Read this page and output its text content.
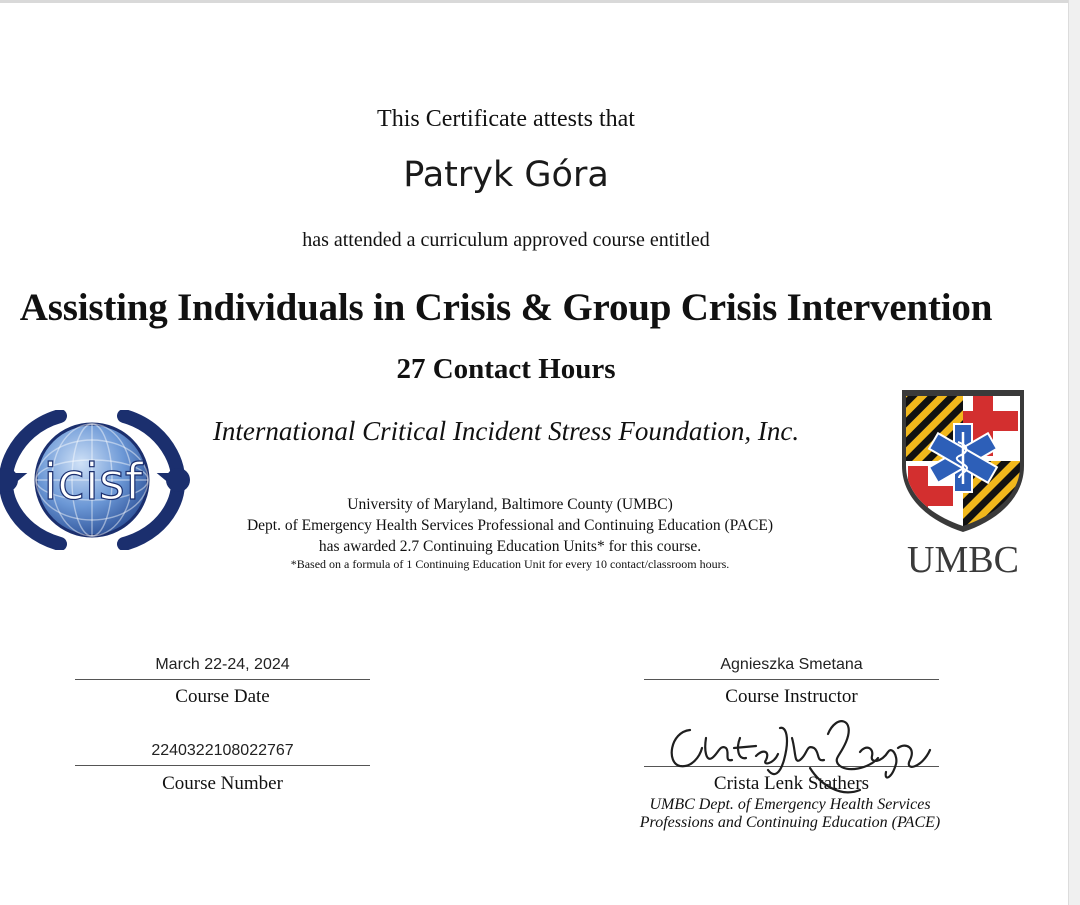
This Certificate attests that
Patryk Góra
has attended a curriculum approved course entitled
Assisting Individuals in Crisis & Group Crisis Intervention
27 Contact Hours
International Critical Incident Stress Foundation, Inc.
icisf
UMBC
University of Maryland, Baltimore County (UMBC)
Dept. of Emergency Health Services Professional and Continuing Education (PACE)
has awarded 2.7 Continuing Education Units* for this course.
*Based on a formula of 1 Continuing Education Unit for every 10 contact/classroom hours.
March 22-24, 2024
Course Date
2240322108022767
Course Number
Agnieszka Smetana
Course Instructor
Crista Lenk Stathers
UMBC Dept. of Emergency Health Services
Professions and Continuing Education (PACE)
